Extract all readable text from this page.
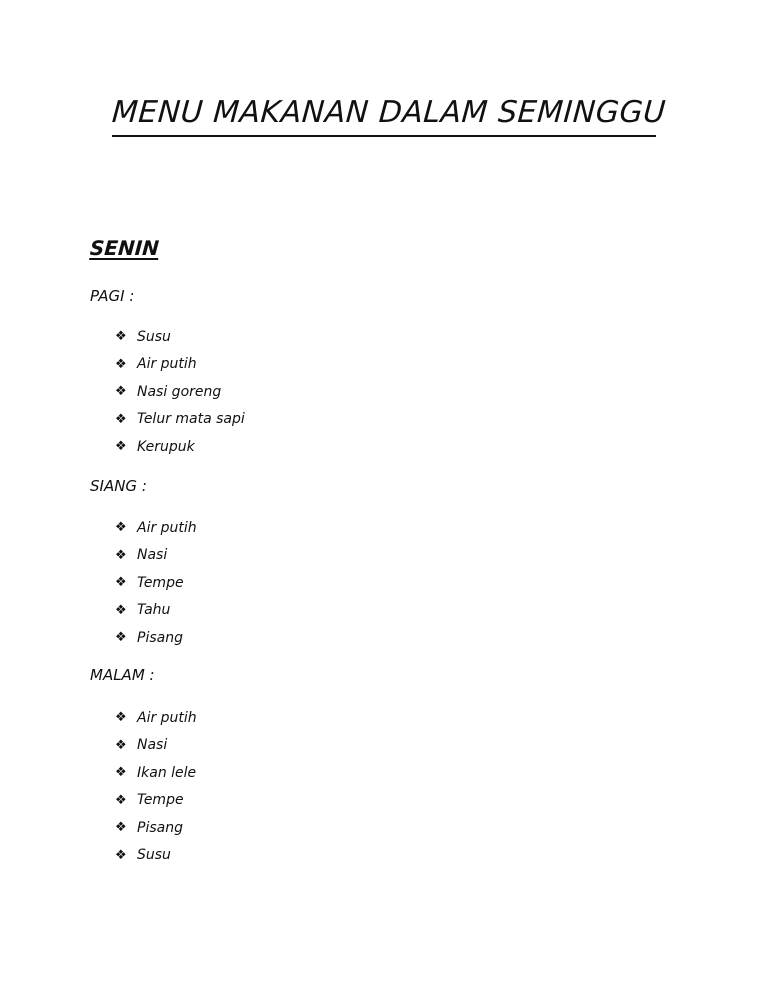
MENU MAKANAN DALAM SEMINGGU
SENIN

PAGI :

❖ Susu
❖ Air putih
❖ Nasi goreng
❖ Telur mata sapi
❖ Kerupuk

SIANG :

❖ Air putih
❖ Nasi
❖ Tempe
❖ Tahu
❖ Pisang

MALAM :

❖ Air putih
❖ Nasi
❖ Ikan lele
❖ Tempe
❖ Pisang
❖ Susu
